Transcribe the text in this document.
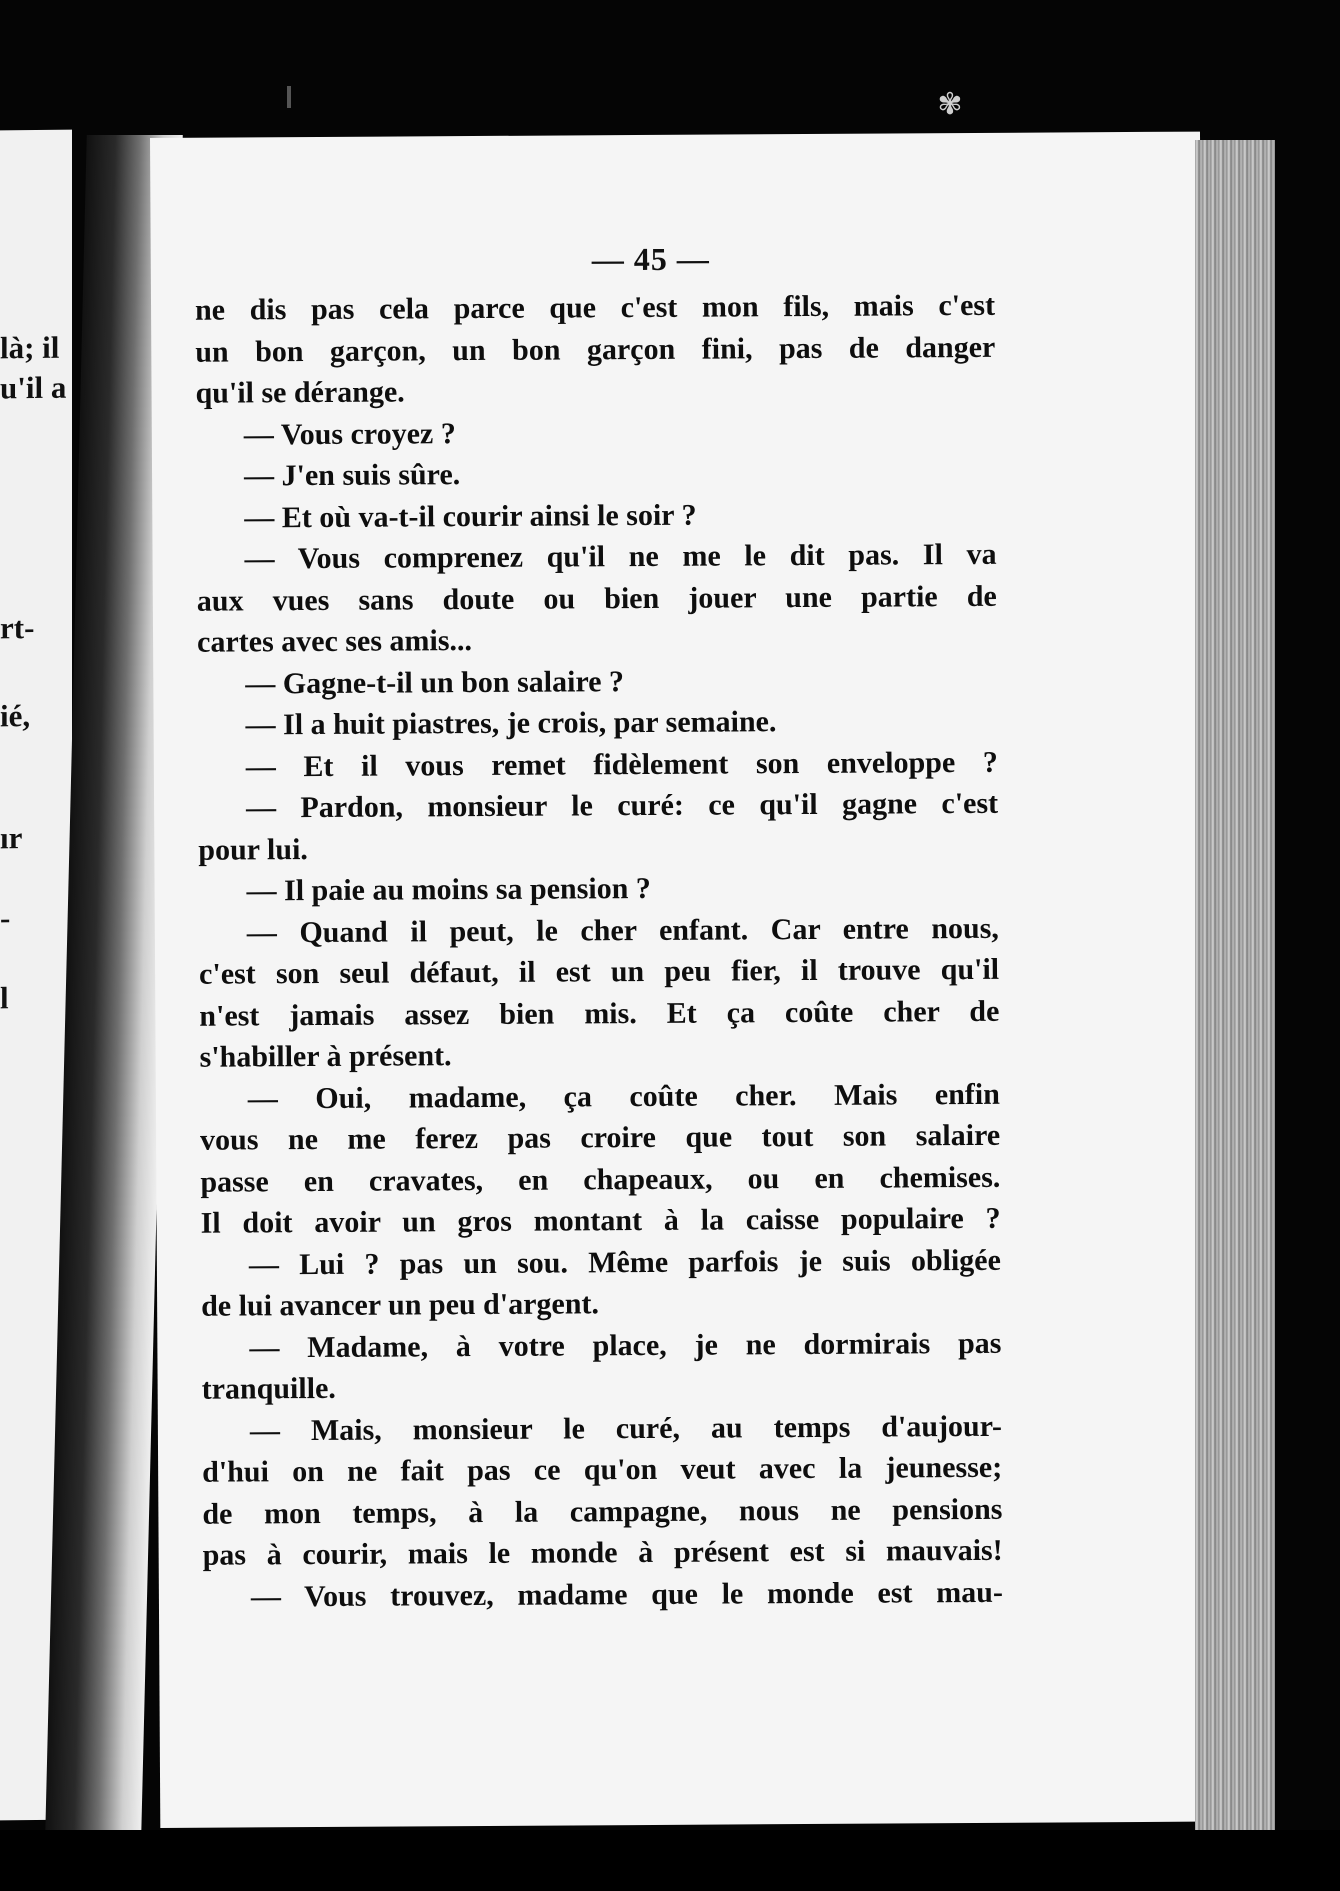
✾
là; il
u'il a
rt-
ié,
ır
-
l
— 45 —
ne dis pas cela parce que c'est mon fils, mais c'est
un bon garçon, un bon garçon fini, pas de danger
qu'il se dérange.
— Vous croyez ?
— J'en suis sûre.
— Et où va-t-il courir ainsi le soir ?
— Vous comprenez qu'il ne me le dit pas. Il va
aux vues sans doute ou bien jouer une partie de
cartes avec ses amis...
— Gagne-t-il un bon salaire ?
— Il a huit piastres, je crois, par semaine.
— Et il vous remet fidèlement son enveloppe ?
— Pardon, monsieur le curé: ce qu'il gagne c'est
pour lui.
— Il paie au moins sa pension ?
— Quand il peut, le cher enfant. Car entre nous,
c'est son seul défaut, il est un peu fier, il trouve qu'il
n'est jamais assez bien mis. Et ça coûte cher de
s'habiller à présent.
— Oui, madame, ça coûte cher. Mais enfin
vous ne me ferez pas croire que tout son salaire
passe en cravates, en chapeaux, ou en chemises.
Il doit avoir un gros montant à la caisse populaire ?
— Lui ? pas un sou. Même parfois je suis obligée
de lui avancer un peu d'argent.
— Madame, à votre place, je ne dormirais pas
tranquille.
— Mais, monsieur le curé, au temps d'aujour-
d'hui on ne fait pas ce qu'on veut avec la jeunesse;
de mon temps, à la campagne, nous ne pensions
pas à courir, mais le monde à présent est si mauvais!
— Vous trouvez, madame que le monde est mau-
